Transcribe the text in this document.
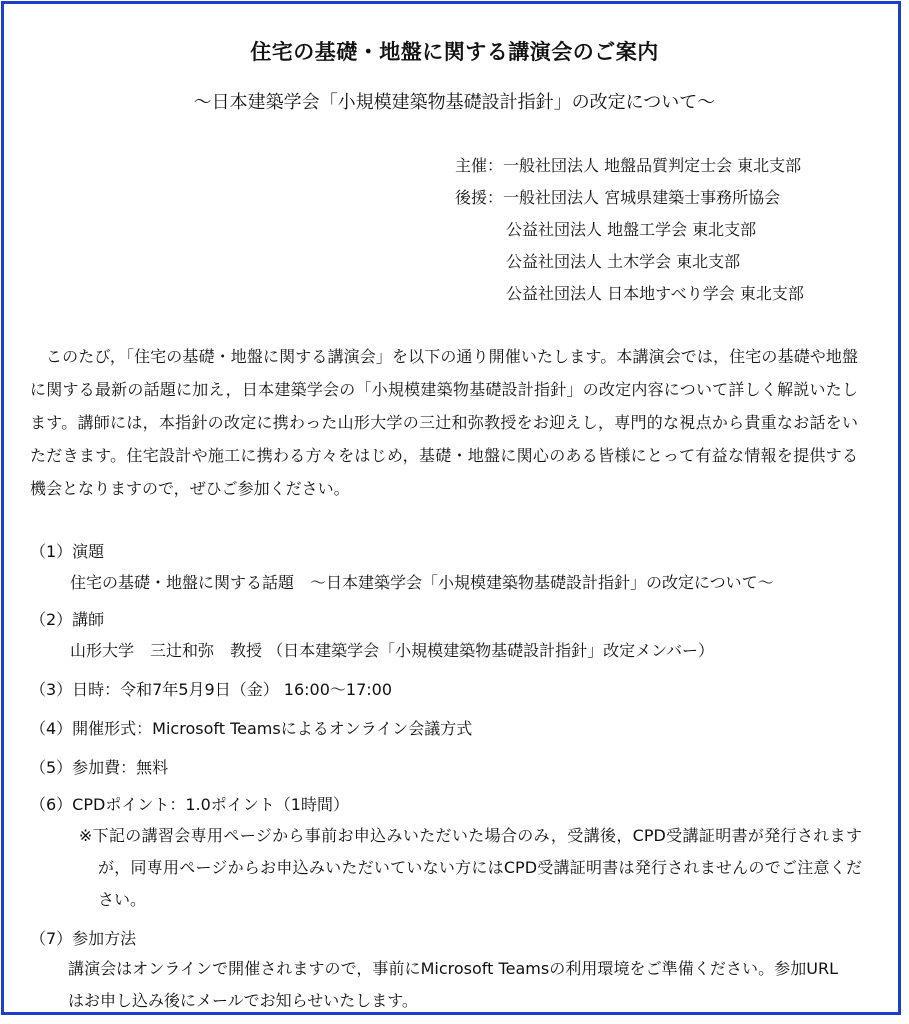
住宅の基礎・地盤に関する講演会のご案内
～日本建築学会「小規模建築物基礎設計指針」の改定について～
主催：一般社団法人 地盤品質判定士会 東北支部
後援：一般社団法人 宮城県建築士事務所協会
公益社団法人 地盤工学会 東北支部
公益社団法人 土木学会 東北支部
公益社団法人 日本地すべり学会 東北支部
このたび，「住宅の基礎・地盤に関する講演会」を以下の通り開催いたします。本講演会では，住宅の基礎や地盤に関する最新の話題に加え，日本建築学会の「小規模建築物基礎設計指針」の改定内容について詳しく解説いたします。講師には，本指針の改定に携わった山形大学の三辻和弥教授をお迎えし，専門的な視点から貴重なお話をいただきます。住宅設計や施工に携わる方々をはじめ，基礎・地盤に関心のある皆様にとって有益な情報を提供する機会となりますので，ぜひご参加ください。
（1）演題
住宅の基礎・地盤に関する話題　～日本建築学会「小規模建築物基礎設計指針」の改定について～
（2）講師
山形大学　三辻和弥　教授 （日本建築学会「小規模建築物基礎設計指針」改定メンバー）
（3）日時：令和7年5月9日（金） 16:00～17:00
（4）開催形式：Microsoft Teamsによるオンライン会議方式
（5）参加費：無料
（6）CPDポイント：1.0ポイント（1時間）
※下記の講習会専用ページから事前お申込みいただいた場合のみ，受講後，CPD受講証明書が発行されますが，同専用ページからお申込みいただいていない方にはCPD受講証明書は発行されませんのでご注意ください。
（7）参加方法
講演会はオンラインで開催されますので，事前にMicrosoft Teamsの利用環境をご準備ください。参加URLはお申し込み後にメールでお知らせいたします。
